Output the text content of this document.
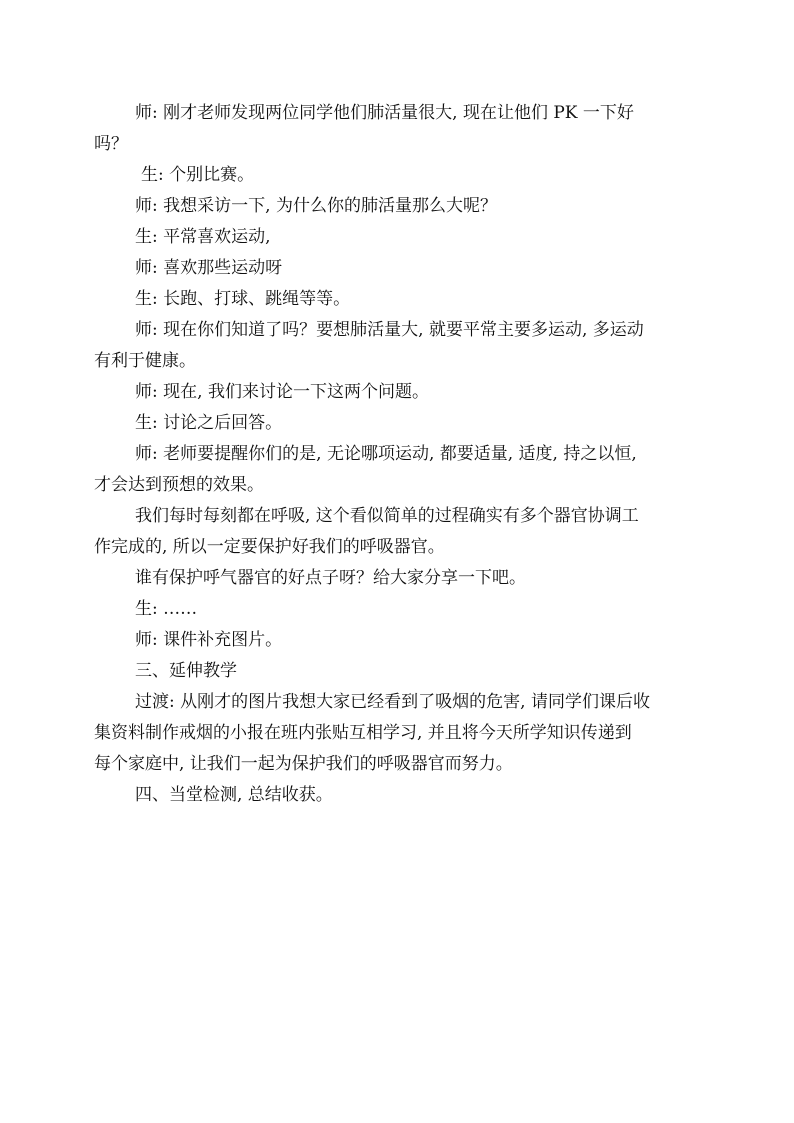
师: 刚才老师发现两位同学他们肺活量很大, 现在让他们 PK 一下好
吗？
生: 个别比赛。
师: 我想采访一下, 为什么你的肺活量那么大呢？
生: 平常喜欢运动,
师: 喜欢那些运动呀
生: 长跑、打球、跳绳等等。
师: 现在你们知道了吗？要想肺活量大, 就要平常主要多运动, 多运动
有利于健康。
师: 现在, 我们来讨论一下这两个问题。
生: 讨论之后回答。
师: 老师要提醒你们的是, 无论哪项运动, 都要适量, 适度, 持之以恒,
才会达到预想的效果。
我们每时每刻都在呼吸, 这个看似简单的过程确实有多个器官协调工
作完成的, 所以一定要保护好我们的呼吸器官。
谁有保护呼气器官的好点子呀？给大家分享一下吧。
生: ……
师: 课件补充图片。
三、延伸教学
过渡: 从刚才的图片我想大家已经看到了吸烟的危害, 请同学们课后收
集资料制作戒烟的小报在班内张贴互相学习, 并且将今天所学知识传递到
每个家庭中, 让我们一起为保护我们的呼吸器官而努力。
四、当堂检测, 总结收获。
